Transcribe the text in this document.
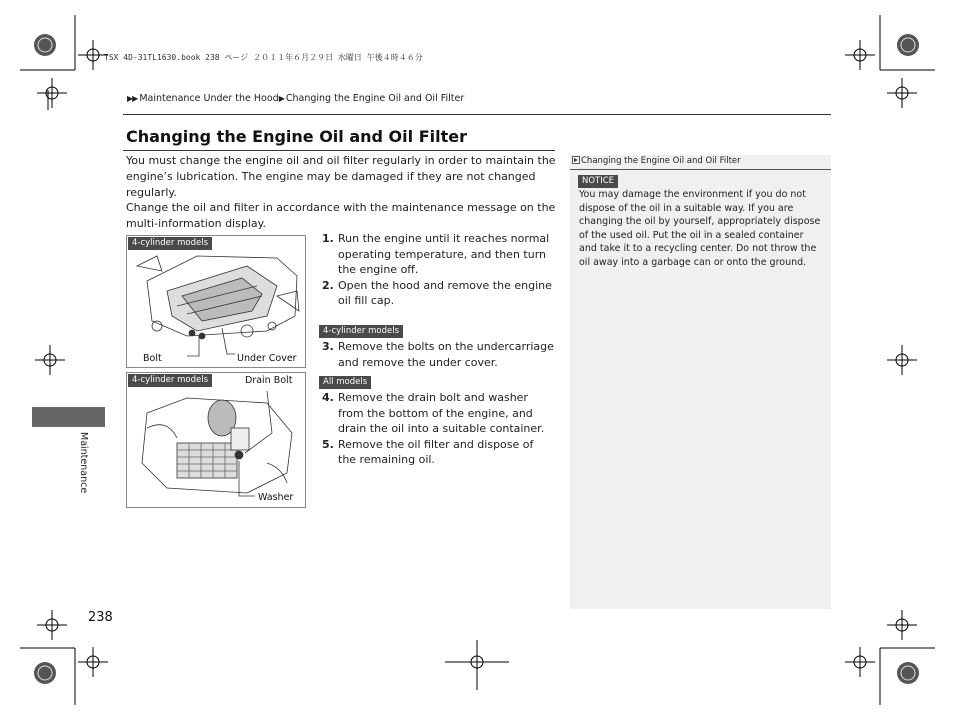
TSX 4D-31TL1630.book 238 ページ ２０１１年６月２９日 水曜日 午後４時４６分
▶▶ Maintenance Under the Hood▶ Changing the Engine Oil and Oil Filter
Changing the Engine Oil and Oil Filter

You must change the engine oil and oil filter regularly in order to maintain the engine’s lubrication. The engine may be damaged if they are not changed regularly.

Change the oil and filter in accordance with the maintenance message on the multi-information display.

4-cylinder models
Bolt	Under Cover
4-cylinder models	Drain Bolt
Washer
1. Run the engine until it reaches normal operating temperature, and then turn the engine off.
2. Open the hood and remove the engine oil fill cap.
4-cylinder models
3. Remove the bolts on the undercarriage and remove the under cover.
All models
4. Remove the drain bolt and washer from the bottom of the engine, and drain the oil into a suitable container.
5. Remove the oil filter and dispose of the remaining oil.
Changing the Engine Oil and Oil Filter
NOTICE

You may damage the environment if you do not dispose of the oil in a suitable way. If you are changing the oil by yourself, appropriately dispose of the used oil. Put the oil in a sealed container and take it to a recycling center. Do not throw the oil away into a garbage can or onto the ground.

Maintenance
238
